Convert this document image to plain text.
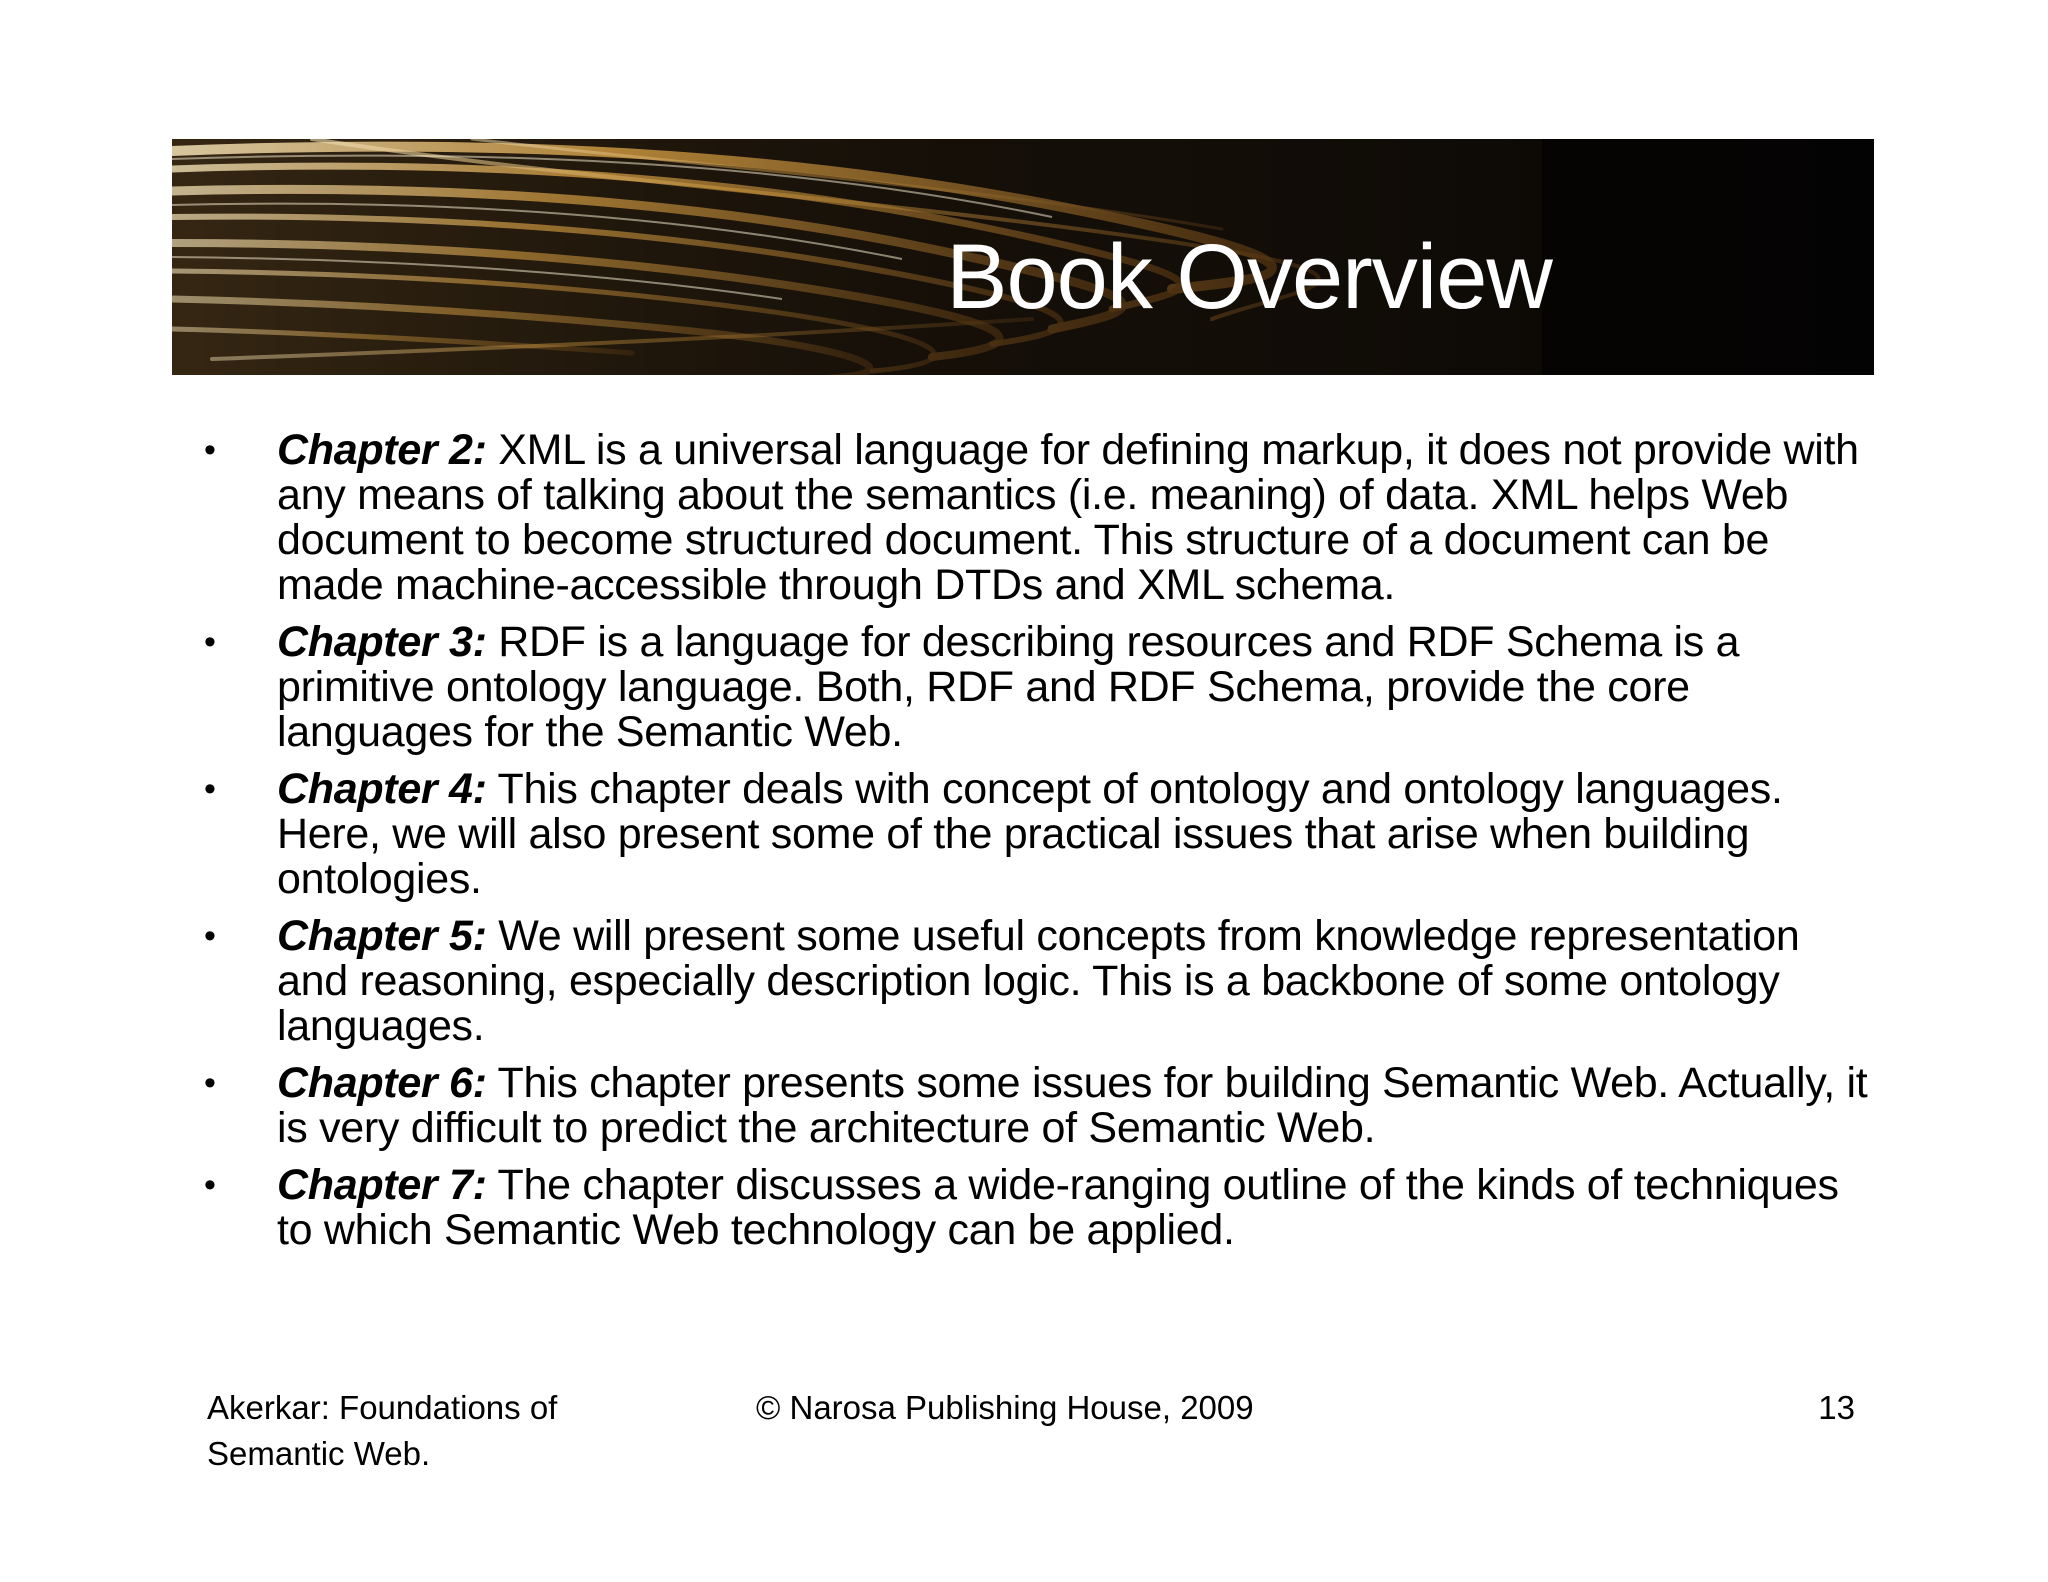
Book Overview
• Chapter 2: XML is a universal language for defining markup, it does not provide with any means of talking about the semantics (i.e. meaning) of data. XML helps Web document to become structured document. This structure of a document can be made machine-accessible through DTDs and XML schema.
• Chapter 3: RDF is a language for describing resources and RDF Schema is a primitive ontology language. Both, RDF and RDF Schema, provide the core languages for the Semantic Web.
• Chapter 4: This chapter deals with concept of ontology and ontology languages. Here, we will also present some of the practical issues that arise when building ontologies.
• Chapter 5: We will present some useful concepts from knowledge representation and reasoning, especially description logic. This is a backbone of some ontology languages.
• Chapter 6: This chapter presents some issues for building Semantic Web. Actually, it is very difficult to predict the architecture of Semantic Web.
• Chapter 7: The chapter discusses a wide-ranging outline of the kinds of techniques to which Semantic Web technology can be applied.
Akerkar: Foundations of Semantic Web.
© Narosa Publishing House, 2009	13
